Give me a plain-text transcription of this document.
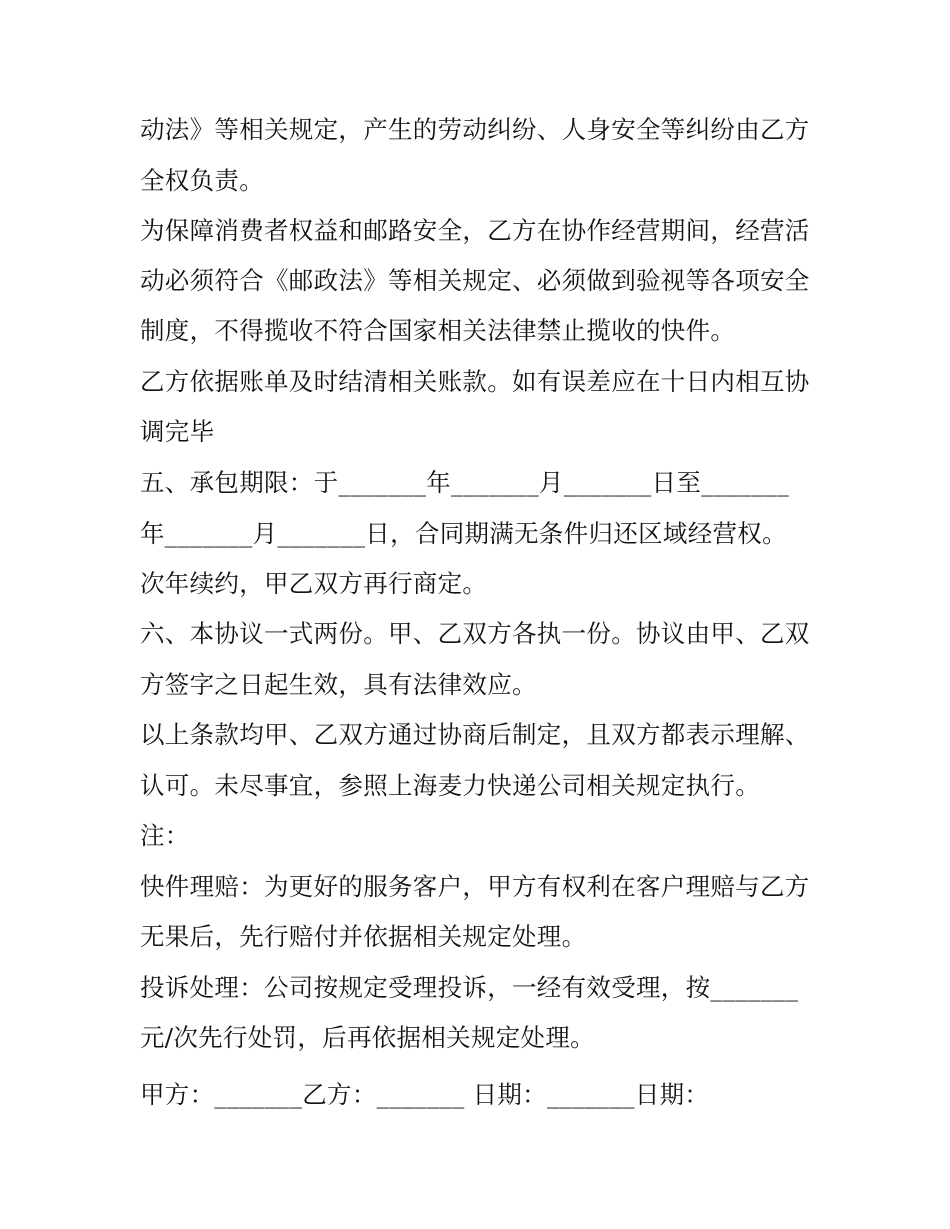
动法》等相关规定，产生的劳动纠纷、人身安全等纠纷由乙方
全权负责。
为保障消费者权益和邮路安全，乙方在协作经营期间，经营活
动必须符合《邮政法》等相关规定、必须做到验视等各项安全
制度，不得揽收不符合国家相关法律禁止揽收的快件。
乙方依据账单及时结清相关账款。如有误差应在十日内相互协
调完毕
五、承包期限：于_______年_______月_______日至_______
年_______月_______日，合同期满无条件归还区域经营权。
次年续约，甲乙双方再行商定。
六、本协议一式两份。甲、乙双方各执一份。协议由甲、乙双
方签字之日起生效，具有法律效应。
以上条款均甲、乙双方通过协商后制定，且双方都表示理解、
认可。未尽事宜，参照上海麦力快递公司相关规定执行。
注：
快件理赔：为更好的服务客户，甲方有权利在客户理赔与乙方
无果后，先行赔付并依据相关规定处理。
投诉处理：公司按规定受理投诉，一经有效受理，按_______
元/次先行处罚，后再依据相关规定处理。
甲方：_______乙方：_______ 日期：_______日期：
